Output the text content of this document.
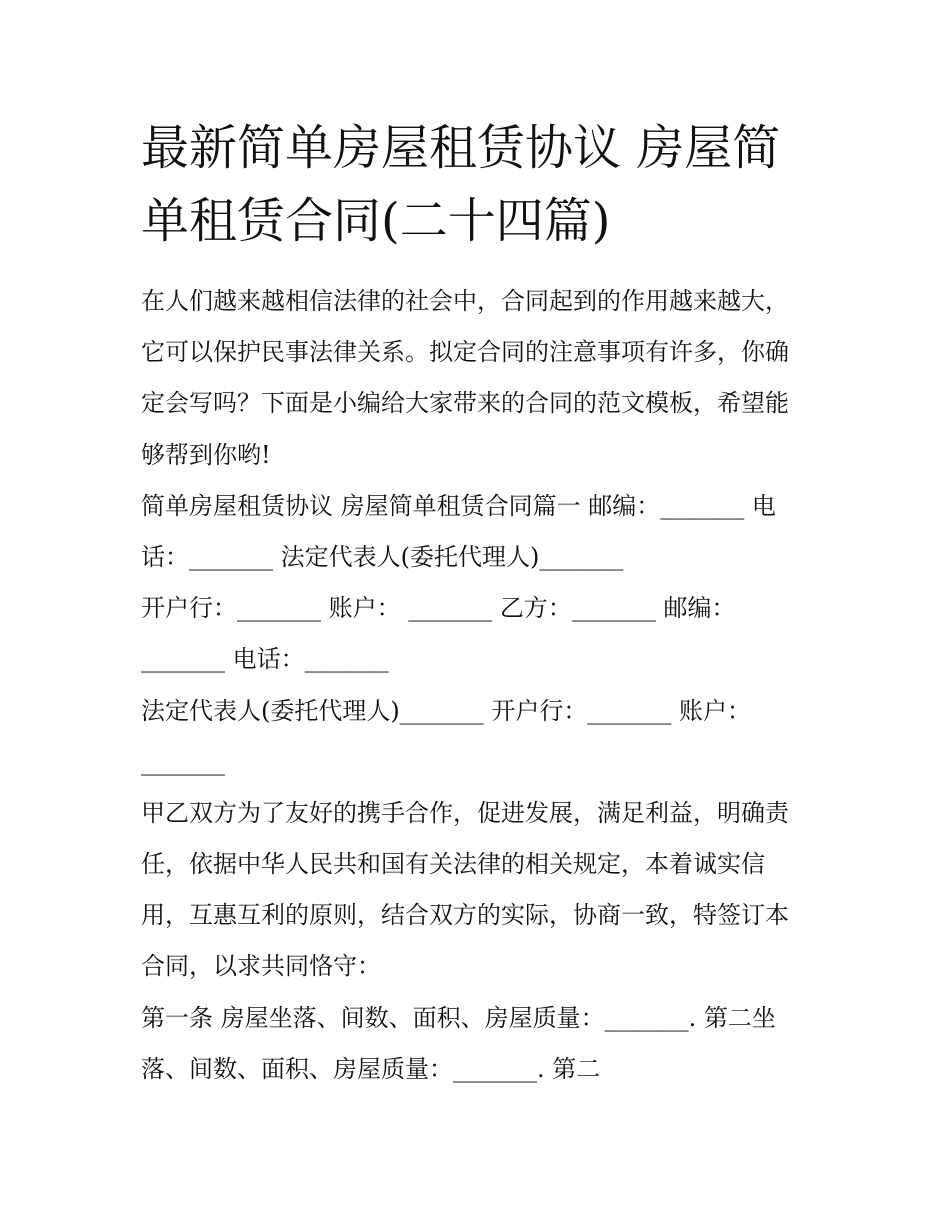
最新简单房屋租赁协议 房屋简
单租赁合同(二十四篇)
在人们越来越相信法律的社会中，合同起到的作用越来越大，
它可以保护民事法律关系。拟定合同的注意事项有许多，你确
定会写吗？下面是小编给大家带来的合同的范文模板，希望能
够帮到你哟!
简单房屋租赁协议 房屋简单租赁合同篇一 邮编：_______ 电
话：_______ 法定代表人(委托代理人)_______
开户行：_______ 账户： _______ 乙方：_______ 邮编：
_______ 电话：_______
法定代表人(委托代理人)_______ 开户行：_______ 账户：
_______
甲乙双方为了友好的携手合作，促进发展，满足利益，明确责
任，依据中华人民共和国有关法律的相关规定，本着诚实信
用，互惠互利的原则，结合双方的实际，协商一致，特签订本
合同，以求共同恪守：
第一条 房屋坐落、间数、面积、房屋质量：_______. 第二坐
落、间数、面积、房屋质量：_______. 第二
